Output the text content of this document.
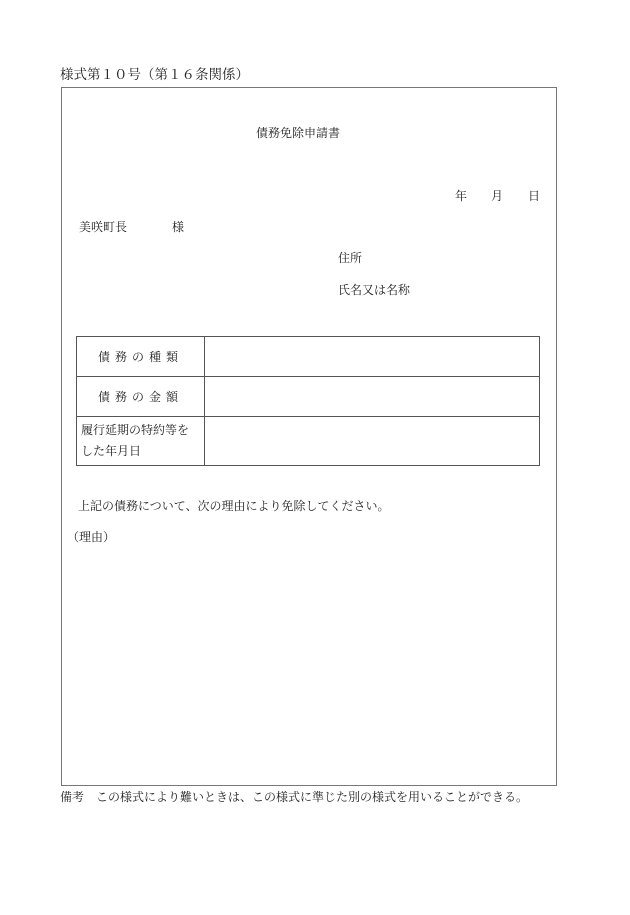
様式第１０号（第１６条関係）
債務免除申請書
年 月 日
美咲町長	様
住所
氏名又は名称
債務の種類	
債務の金額	

履行延期の特約等を
した年月日	

上記の債務について、次の理由により免除してください。
（理由）
備考　この様式により難いときは、この様式に準じた別の様式を用いることができる。
